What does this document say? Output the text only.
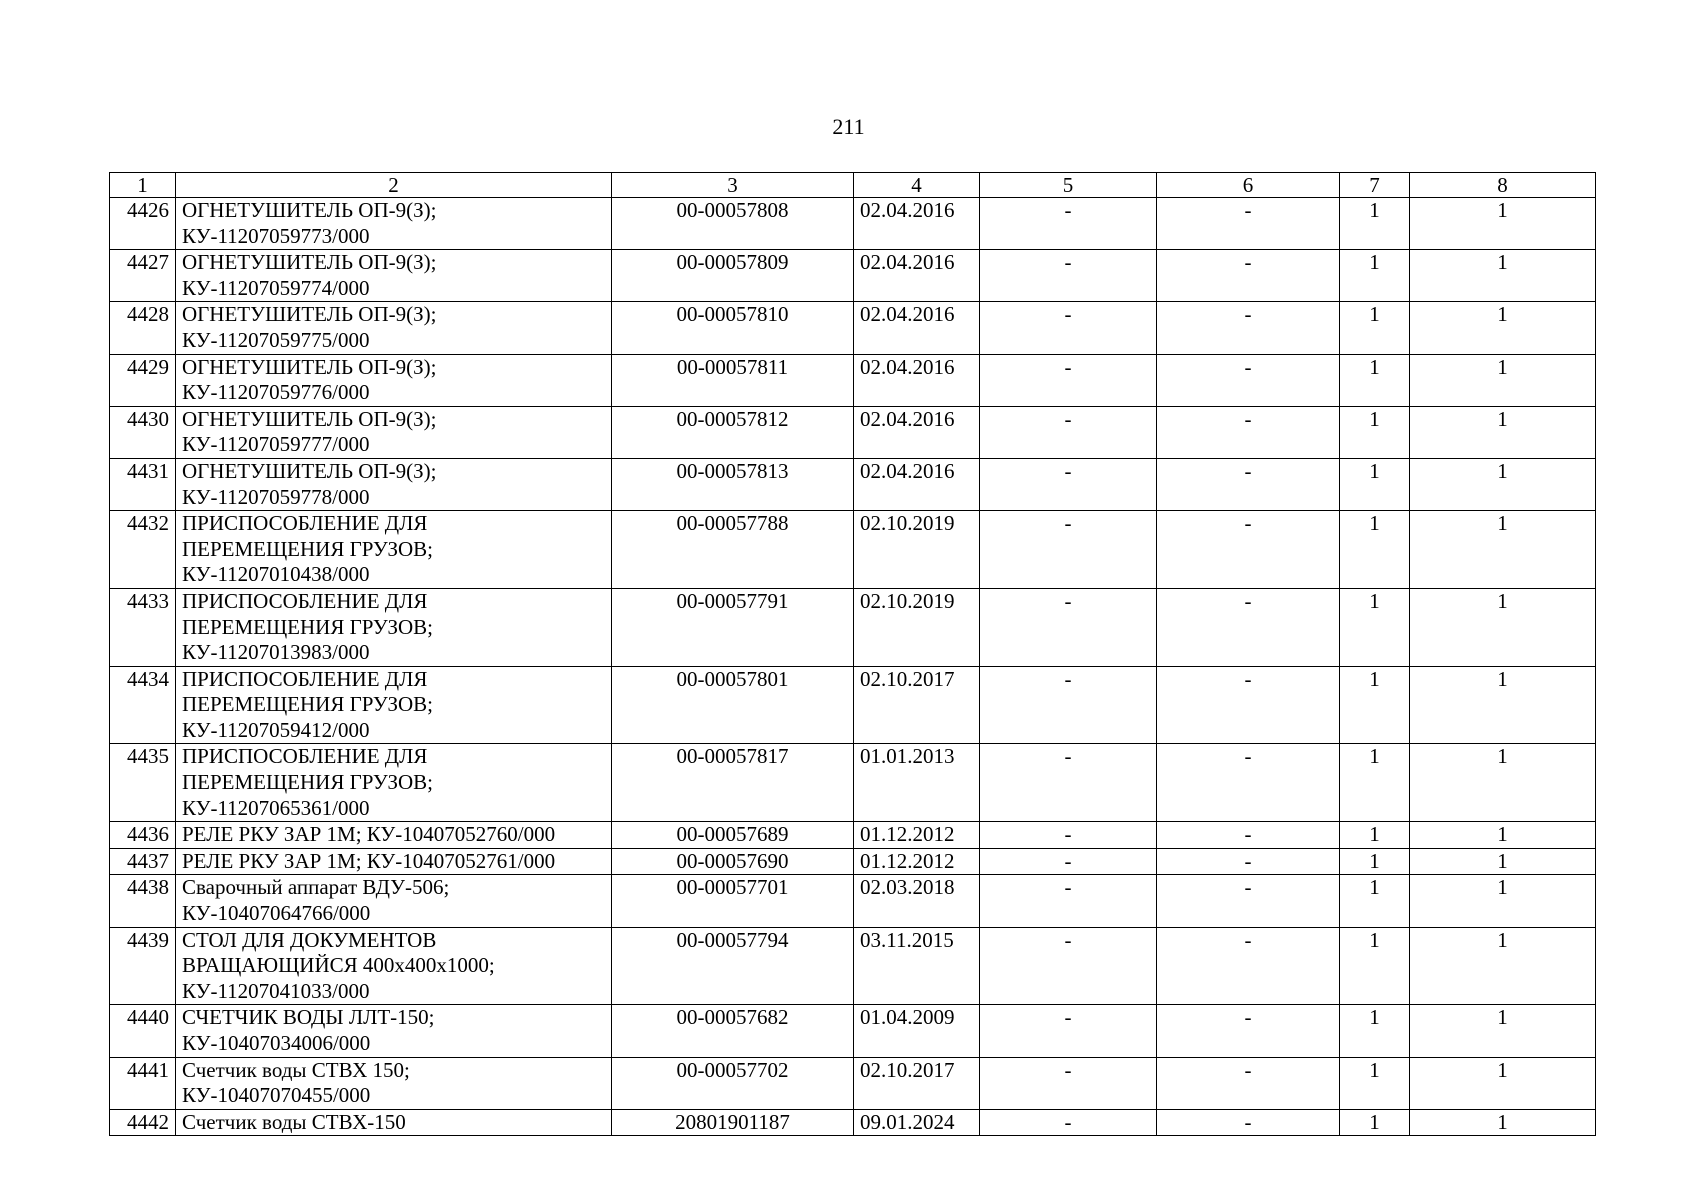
211
1	2	3	4	5	6	7	8
4426	ОГНЕТУШИТЕЛЬ ОП-9(З);
КУ-11207059773/000	00-00057808	02.04.2016	-	-	1	1
4427	ОГНЕТУШИТЕЛЬ ОП-9(З);
КУ-11207059774/000	00-00057809	02.04.2016	-	-	1	1
4428	ОГНЕТУШИТЕЛЬ ОП-9(З);
КУ-11207059775/000	00-00057810	02.04.2016	-	-	1	1
4429	ОГНЕТУШИТЕЛЬ ОП-9(З);
КУ-11207059776/000	00-00057811	02.04.2016	-	-	1	1
4430	ОГНЕТУШИТЕЛЬ ОП-9(З);
КУ-11207059777/000	00-00057812	02.04.2016	-	-	1	1
4431	ОГНЕТУШИТЕЛЬ ОП-9(З);
КУ-11207059778/000	00-00057813	02.04.2016	-	-	1	1
4432	ПРИСПОСОБЛЕНИЕ ДЛЯ
ПЕРЕМЕЩЕНИЯ ГРУЗОВ;
КУ-11207010438/000	00-00057788	02.10.2019	-	-	1	1
4433	ПРИСПОСОБЛЕНИЕ ДЛЯ
ПЕРЕМЕЩЕНИЯ ГРУЗОВ;
КУ-11207013983/000	00-00057791	02.10.2019	-	-	1	1
4434	ПРИСПОСОБЛЕНИЕ ДЛЯ
ПЕРЕМЕЩЕНИЯ ГРУЗОВ;
КУ-11207059412/000	00-00057801	02.10.2017	-	-	1	1
4435	ПРИСПОСОБЛЕНИЕ ДЛЯ
ПЕРЕМЕЩЕНИЯ ГРУЗОВ;
КУ-11207065361/000	00-00057817	01.01.2013	-	-	1	1
4436	РЕЛЕ РКУ ЗАР 1М; КУ-10407052760/000	00-00057689	01.12.2012	-	-	1	1
4437	РЕЛЕ РКУ ЗАР 1М; КУ-10407052761/000	00-00057690	01.12.2012	-	-	1	1
4438	Сварочный аппарат ВДУ-506;
КУ-10407064766/000	00-00057701	02.03.2018	-	-	1	1
4439	СТОЛ ДЛЯ ДОКУМЕНТОВ
ВРАЩАЮЩИЙСЯ 400х400х1000;
КУ-11207041033/000	00-00057794	03.11.2015	-	-	1	1
4440	СЧЕТЧИК ВОДЫ ЛЛТ-150;
КУ-10407034006/000	00-00057682	01.04.2009	-	-	1	1
4441	Счетчик воды СТВХ 150;
КУ-10407070455/000	00-00057702	02.10.2017	-	-	1	1
4442	Счетчик воды СТВХ-150	20801901187	09.01.2024	-	-	1	1
